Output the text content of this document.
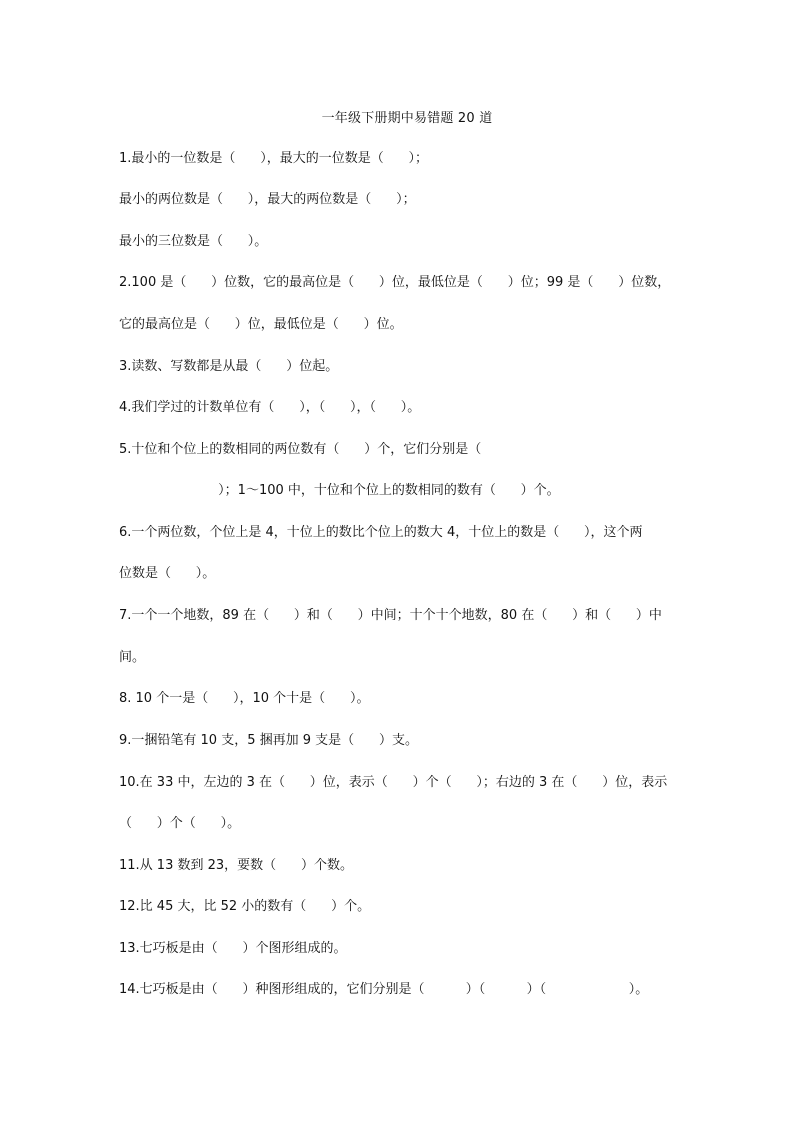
一年级下册期中易错题 20 道
1.最小的一位数是（      ），最大的一位数是（      ）；
最小的两位数是（      ），最大的两位数是（      ）；
最小的三位数是（      ）。
2.100 是（      ）位数，它的最高位是（      ）位，最低位是（      ）位；99 是（      ）位数，
它的最高位是（      ）位，最低位是（      ）位。
3.读数、写数都是从最（      ）位起。
4.我们学过的计数单位有（      ），（      ），（      ）。
5.十位和个位上的数相同的两位数有（      ）个，它们分别是（
）；1～100 中，十位和个位上的数相同的数有（      ）个。
6.一个两位数，个位上是 4，十位上的数比个位上的数大 4，十位上的数是（      ），这个两
位数是（      ）。
7.一个一个地数，89 在（      ）和（      ）中间；十个十个地数，80 在（      ）和（      ）中
间。
8. 10 个一是（      ），10 个十是（      ）。
9.一捆铅笔有 10 支，5 捆再加 9 支是（      ）支。
10.在 33 中，左边的 3 在（      ）位，表示（      ）个（      ）；右边的 3 在（      ）位，表示
（      ）个（      ）。
11.从 13 数到 23，要数（      ）个数。
12.比 45 大，比 52 小的数有（      ）个。
13.七巧板是由（      ）个图形组成的。
14.七巧板是由（      ）种图形组成的，它们分别是（          ）（          ）（                    ）。
